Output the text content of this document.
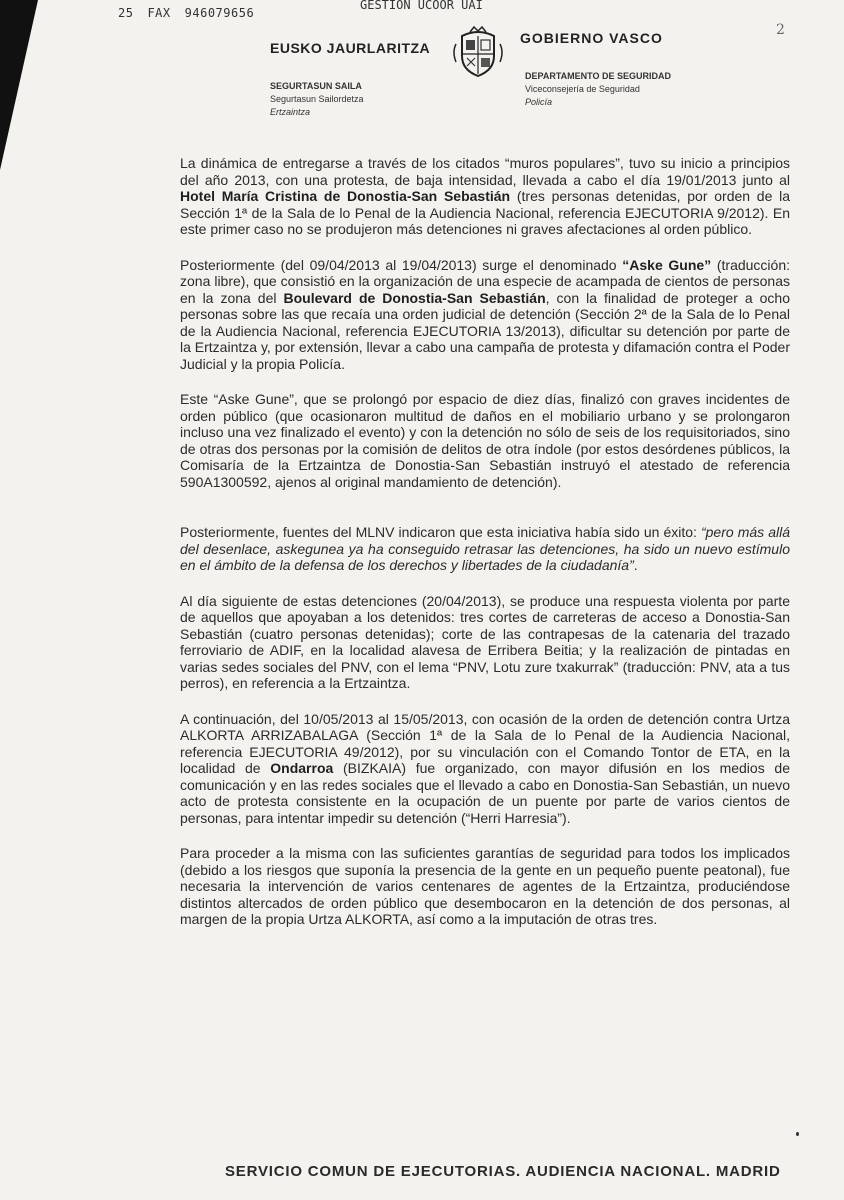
25 FAX 946079656
GESTION UCOOR UAI
2
EUSKO JAURLARITZA
GOBIERNO VASCO
SEGURTASUN SAILA
Segurtasun Sailordetza
Ertzaintza
DEPARTAMENTO DE SEGURIDAD
Viceconsejería de Seguridad
Policía

La dinámica de entregarse a través de los citados “muros populares”, tuvo su inicio a principios del año 2013, con una protesta, de baja intensidad, llevada a cabo el día 19/01/2013 junto al Hotel María Cristina de Donostia-San Sebastián (tres personas detenidas, por orden de la Sección 1ª de la Sala de lo Penal de la Audiencia Nacional, referencia EJECUTORIA 9/2012). En este primer caso no se produjeron más detenciones ni graves afectaciones al orden público.

Posteriormente (del 09/04/2013 al 19/04/2013) surge el denominado “Aske Gune” (traducción: zona libre), que consistió en la organización de una especie de acampada de cientos de personas en la zona del Boulevard de Donostia-San Sebastián, con la finalidad de proteger a ocho personas sobre las que recaía una orden judicial de detención (Sección 2ª de la Sala de lo Penal de la Audiencia Nacional, referencia EJECUTORIA 13/2013), dificultar su detención por parte de la Ertzaintza y, por extensión, llevar a cabo una campaña de protesta y difamación contra el Poder Judicial y la propia Policía.

Este “Aske Gune”, que se prolongó por espacio de diez días, finalizó con graves incidentes de orden público (que ocasionaron multitud de daños en el mobiliario urbano y se prolongaron incluso una vez finalizado el evento) y con la detención no sólo de seis de los requisitoriados, sino de otras dos personas por la comisión de delitos de otra índole (por estos desórdenes públicos, la Comisaría de la Ertzaintza de Donostia-San Sebastián instruyó el atestado de referencia 590A1300592, ajenos al original mandamiento de detención).

Posteriormente, fuentes del MLNV indicaron que esta iniciativa había sido un éxito: “pero más allá del desenlace, askegunea ya ha conseguido retrasar las detenciones, ha sido un nuevo estímulo en el ámbito de la defensa de los derechos y libertades de la ciudadanía”.

Al día siguiente de estas detenciones (20/04/2013), se produce una respuesta violenta por parte de aquellos que apoyaban a los detenidos: tres cortes de carreteras de acceso a Donostia-San Sebastián (cuatro personas detenidas); corte de las contrapesas de la catenaria del trazado ferroviario de ADIF, en la localidad alavesa de Erribera Beitia; y la realización de pintadas en varias sedes sociales del PNV, con el lema “PNV, Lotu zure txakurrak” (traducción: PNV, ata a tus perros), en referencia a la Ertzaintza.

A continuación, del 10/05/2013 al 15/05/2013, con ocasión de la orden de detención contra Urtza ALKORTA ARRIZABALAGA (Sección 1ª de la Sala de lo Penal de la Audiencia Nacional, referencia EJECUTORIA 49/2012), por su vinculación con el Comando Tontor de ETA, en la localidad de Ondarroa (BIZKAIA) fue organizado, con mayor difusión en los medios de comunicación y en las redes sociales que el llevado a cabo en Donostia-San Sebastián, un nuevo acto de protesta consistente en la ocupación de un puente por parte de varios cientos de personas, para intentar impedir su detención (“Herri Harresia”).

Para proceder a la misma con las suficientes garantías de seguridad para todos los implicados (debido a los riesgos que suponía la presencia de la gente en un pequeño puente peatonal), fue necesaria la intervención de varios centenares de agentes de la Ertzaintza, produciéndose distintos altercados de orden público que desembocaron en la detención de dos personas, al margen de la propia Urtza ALKORTA, así como a la imputación de otras tres.

SERVICIO COMUN DE EJECUTORIAS. AUDIENCIA NACIONAL. MADRID
